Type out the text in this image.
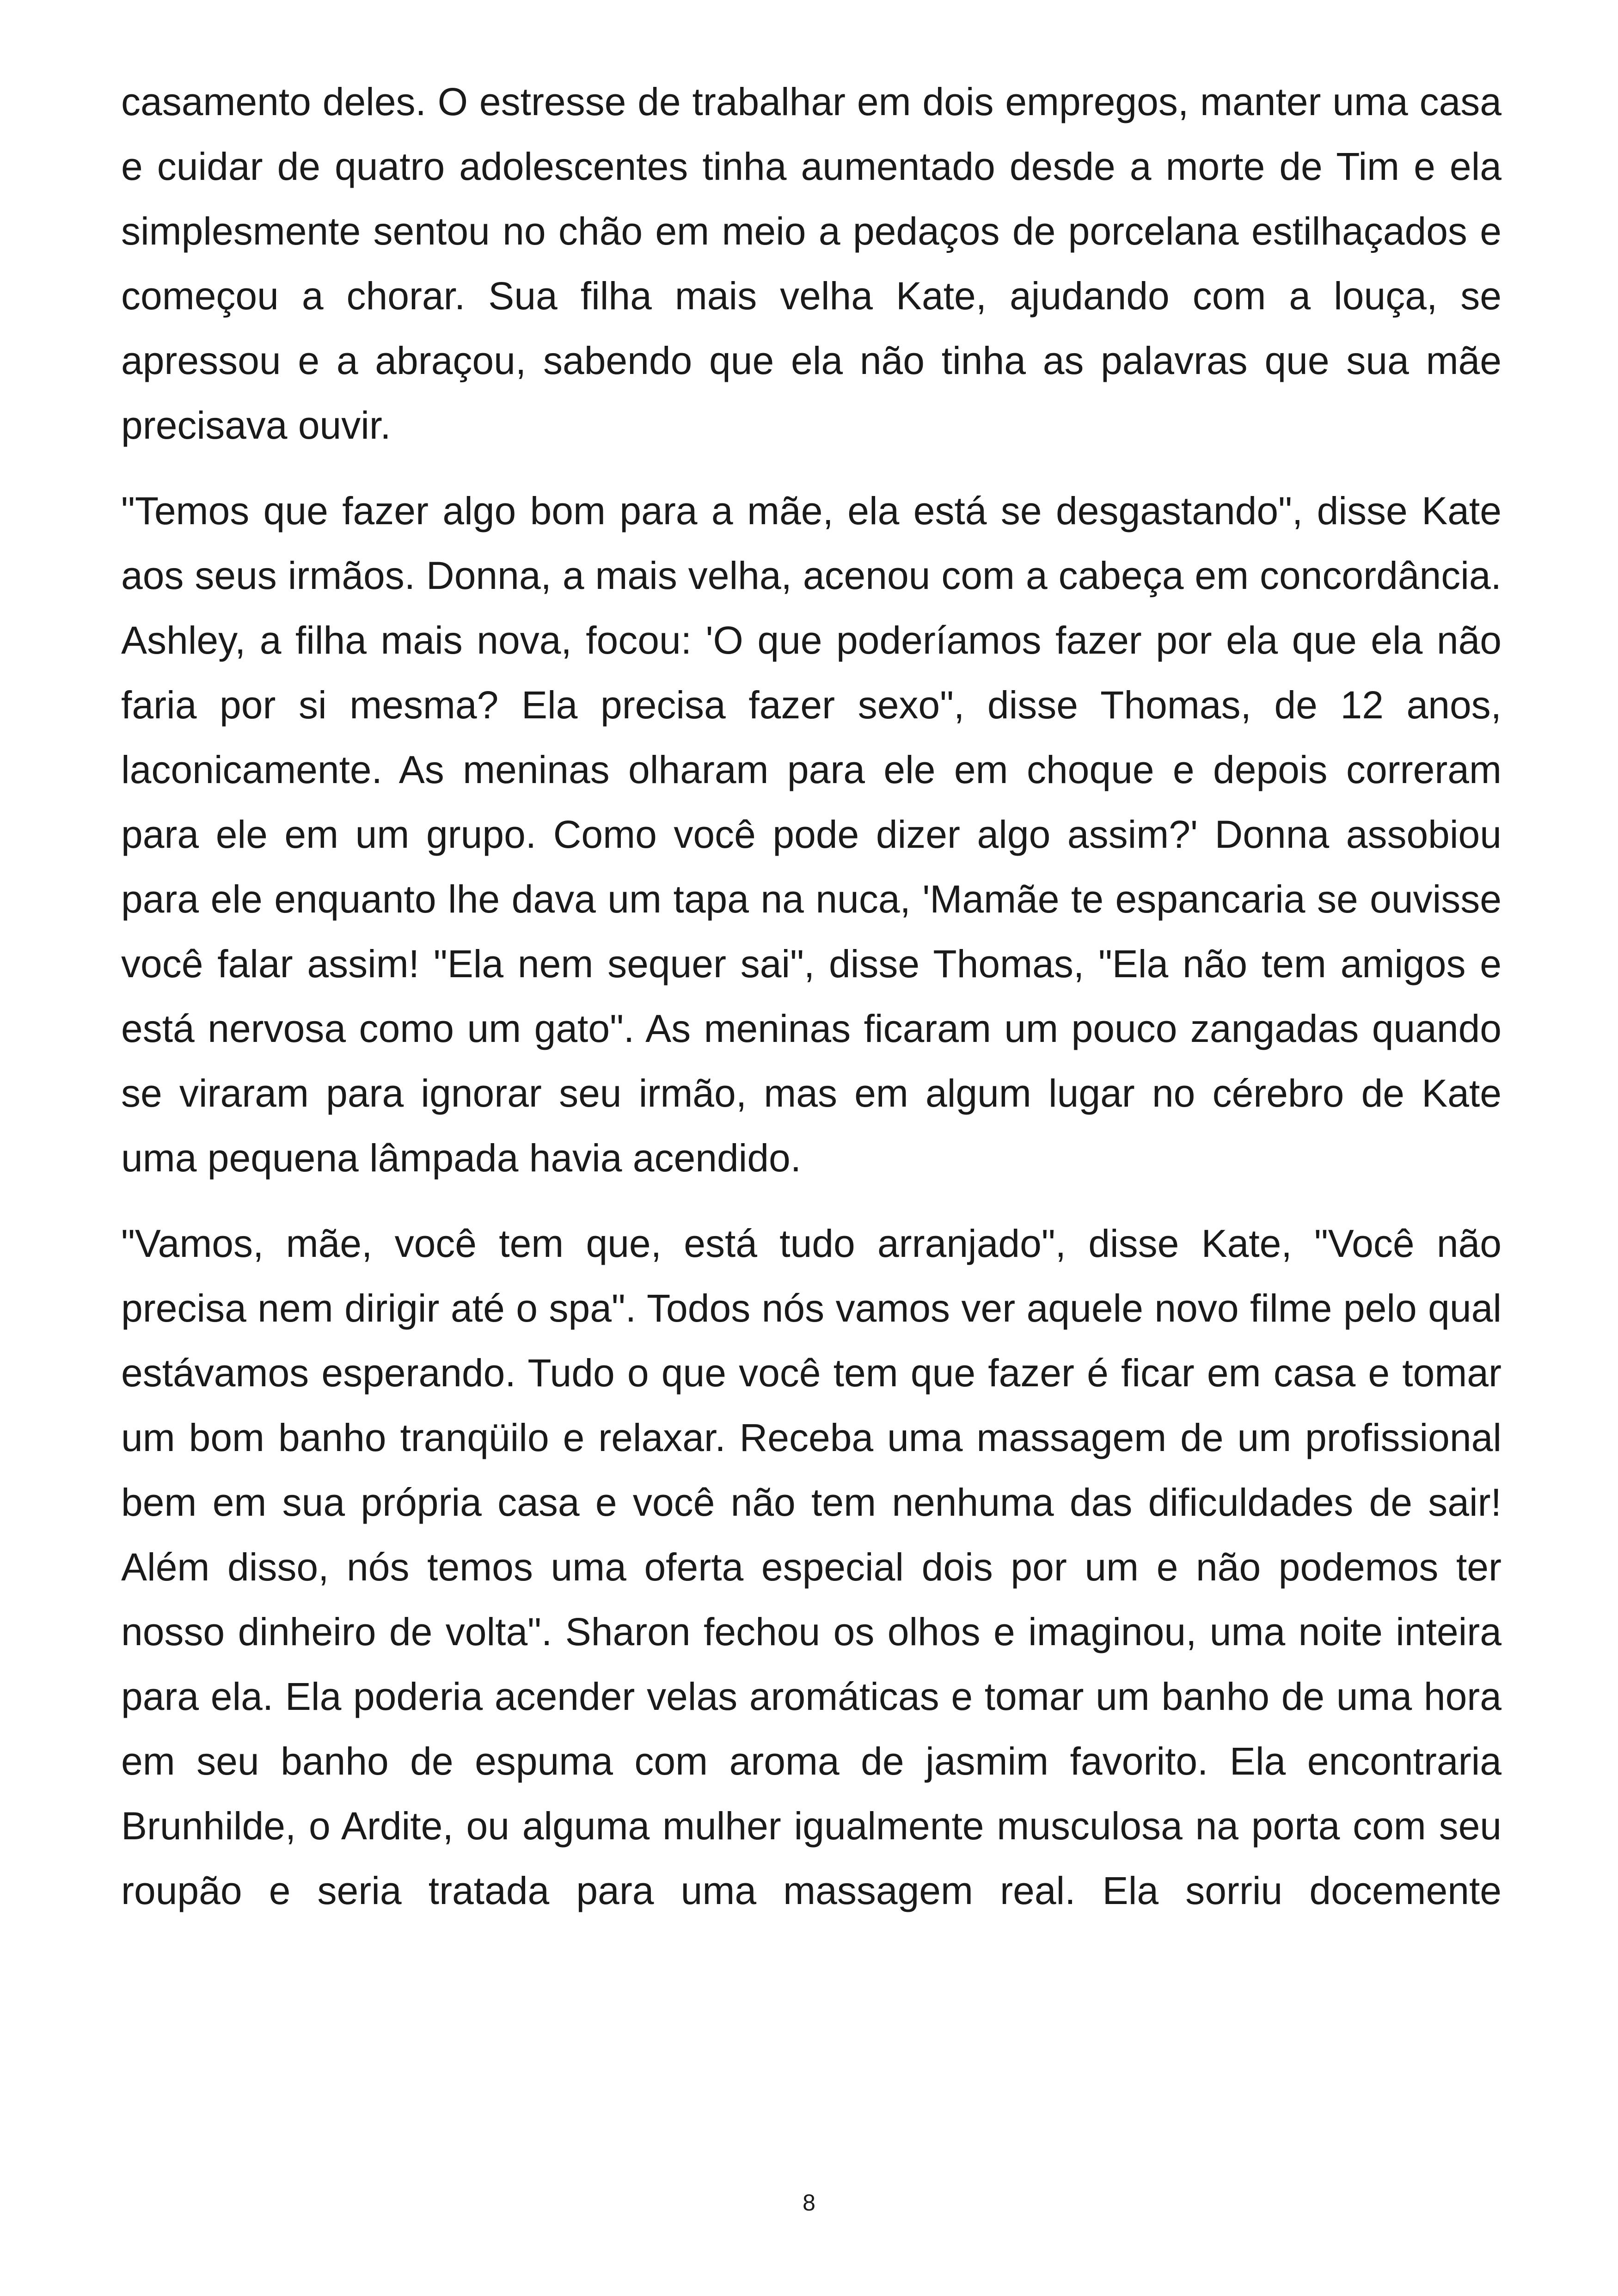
casamento deles. O estresse de trabalhar em dois empregos, manter uma casa e cuidar de quatro adolescentes tinha aumentado desde a morte de Tim e ela simplesmente sentou no chão em meio a pedaços de porcelana estilhaçados e começou a chorar. Sua filha mais velha Kate, ajudando com a louça, se apressou e a abraçou, sabendo que ela não tinha as palavras que sua mãe precisava ouvir.

"Temos que fazer algo bom para a mãe, ela está se desgastando", disse Kate aos seus irmãos. Donna, a mais velha, acenou com a cabeça em concordância. Ashley, a filha mais nova, focou: 'O que poderíamos fazer por ela que ela não faria por si mesma? Ela precisa fazer sexo", disse Thomas, de 12 anos, laconicamente. As meninas olharam para ele em choque e depois correram para ele em um grupo. Como você pode dizer algo assim?' Donna assobiou para ele enquanto lhe dava um tapa na nuca, 'Mamãe te espancaria se ouvisse você falar assim! "Ela nem sequer sai", disse Thomas, "Ela não tem amigos e está nervosa como um gato". As meninas ficaram um pouco zangadas quando se viraram para ignorar seu irmão, mas em algum lugar no cérebro de Kate uma pequena lâmpada havia acendido.

"Vamos, mãe, você tem que, está tudo arranjado", disse Kate, "Você não precisa nem dirigir até o spa". Todos nós vamos ver aquele novo filme pelo qual estávamos esperando. Tudo o que você tem que fazer é ficar em casa e tomar um bom banho tranqüilo e relaxar. Receba uma massagem de um profissional bem em sua própria casa e você não tem nenhuma das dificuldades de sair! Além disso, nós temos uma oferta especial dois por um e não podemos ter nosso dinheiro de volta". Sharon fechou os olhos e imaginou, uma noite inteira para ela. Ela poderia acender velas aromáticas e tomar um banho de uma hora em seu banho de espuma com aroma de jasmim favorito. Ela encontraria Brunhilde, o Ardite, ou alguma mulher igualmente musculosa na porta com seu roupão e seria tratada para uma massagem real. Ela sorriu docemente

8
